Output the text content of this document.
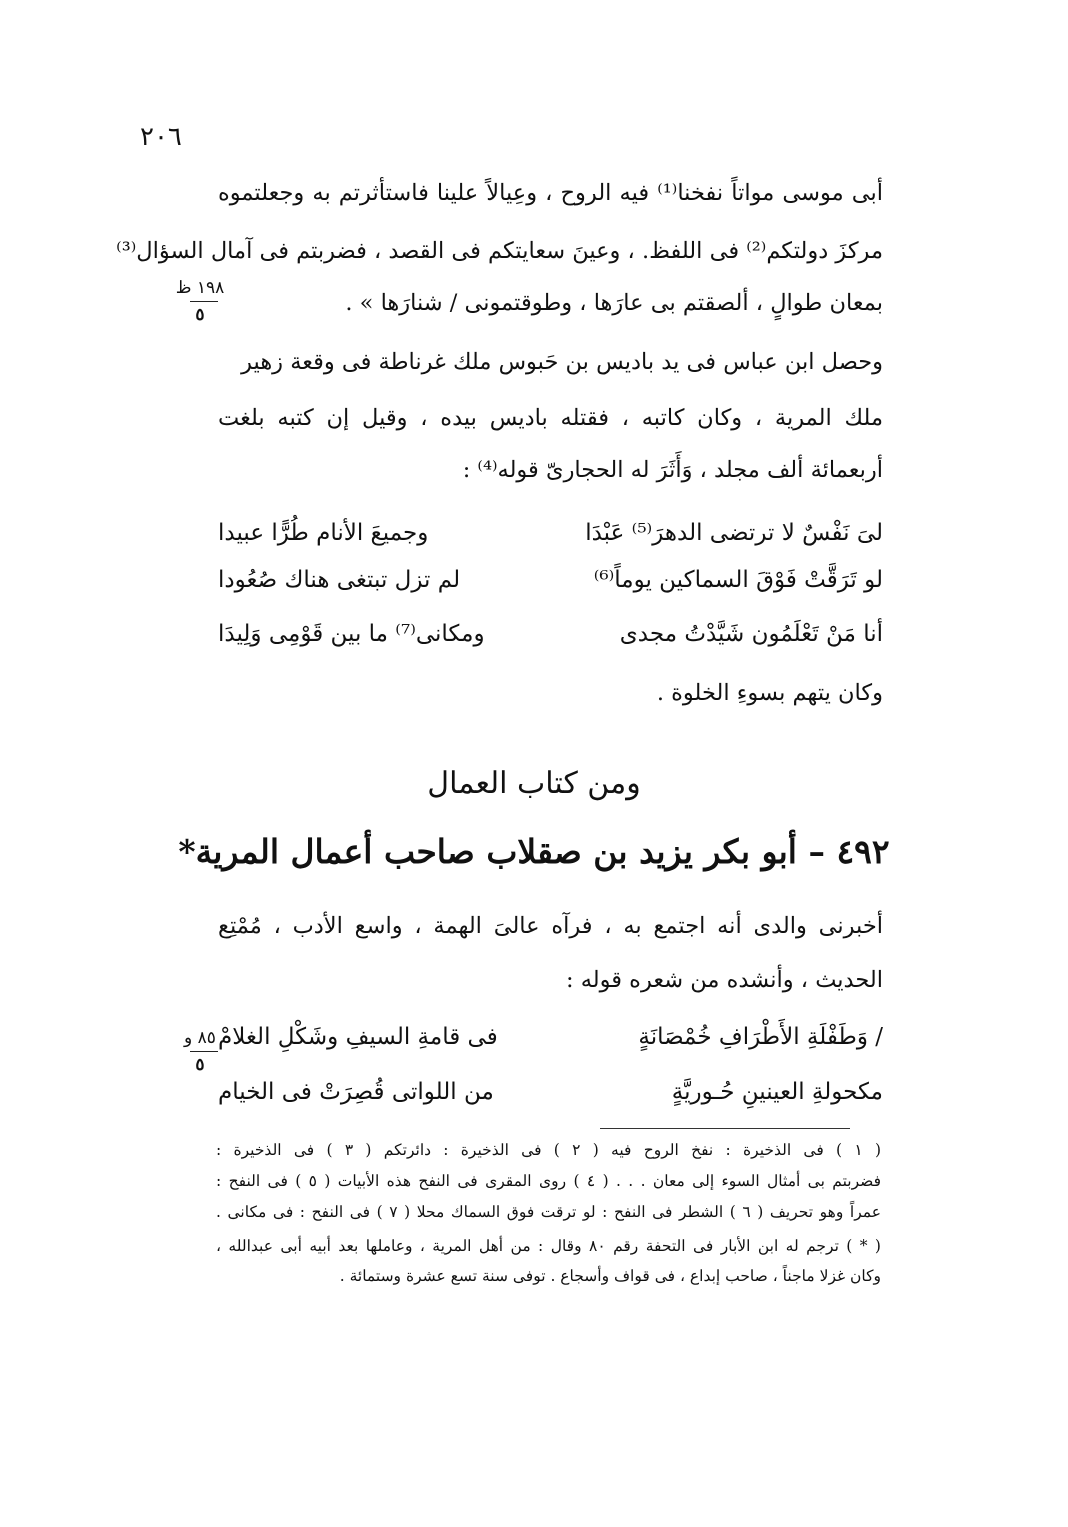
٢٠٦
أبى موسى مواتاً نفخنا⁽¹⁾ فيه الروح ، وعِيالاً علينا فاستأثرتم به وجعلتموه
مركزَ دولتكم⁽²⁾ فى اللفظ. ، وعينَ سعايتكم فى القصد ، فضربتم فى آمال السؤال⁽³⁾
بمعان طوالٍ ، ألصقتم بى عارَها ، وطوقتمونى / شنارَها » .
١٩٨ ظ
٥
وحصل ابن عباس فى يد باديس بن حَبوس ملك غرناطة فى وقعة زهير
ملك المرية ، وكان كاتبه ، فقتله باديس بيده ، وقيل إن كتبه بلغت
أربعمائة ألف مجلد ، وَأَثَرَ له الحجارىّ قوله⁽⁴⁾ :
لىَ نَفْسٌ لا ترتضى الدهرَ⁽⁵⁾ عَبْدَا
وجميعَ الأنام طُرًّا عبيدا
لو تَرَقَّتْ فَوْقَ السماكين يوماً⁽⁶⁾
لم تزل تبتغى هناك صُعُودا
أنا مَنْ تَعْلَمُون شَيَّدْتُ مجدى
ومكانى⁽⁷⁾ ما بين قَوْمِى وَلِيدَا
وكان يتهم بسوءِ الخلوة .
ومن كتاب العمال
٤٩٢ – أبو بكر يزيد بن صقلاب صاحب أعمال المرية*
أخبرنى والدى أنه اجتمع به ، فرآه عالىَ الهمة ، واسع الأدب ، مُمْتِع
الحديث ، وأنشده من شعره قوله :
٨٥ و
٥
/ وَطَفْلَةِ الأَطْرَافِ خُمْصَانَةٍ
فى قامةِ السيفِ وشَكْلِ الغلامْ
مكحولةِ العينينِ حُـوريَّةٍ
من اللواتى قُصِرَتْ فى الخيام
( ١ ) فى الذخيرة : نفخ الروح فيه ( ٢ ) فى الذخيرة : دائرتكم ( ٣ ) فى الذخيرة :
فضربتم بى أمثال السوء إلى معان . . . ( ٤ ) روى المقرى فى النفح هذه الأبيات ( ٥ ) فى النفح :
عمراً وهو تحريف ( ٦ ) الشطر فى النفح : لو ترقت فوق السماك محلا ( ٧ ) فى النفح : فى مكانى .
( * ) ترجم له ابن الأبار فى التحفة رقم ٨٠ وقال : من أهل المرية ، وعاملها بعد أبيه أبى عبدالله ،
وكان غزلا ماجناً ، صاحب إبداع ، فى قواف وأسجاع . توفى سنة تسع عشرة وستمائة .
